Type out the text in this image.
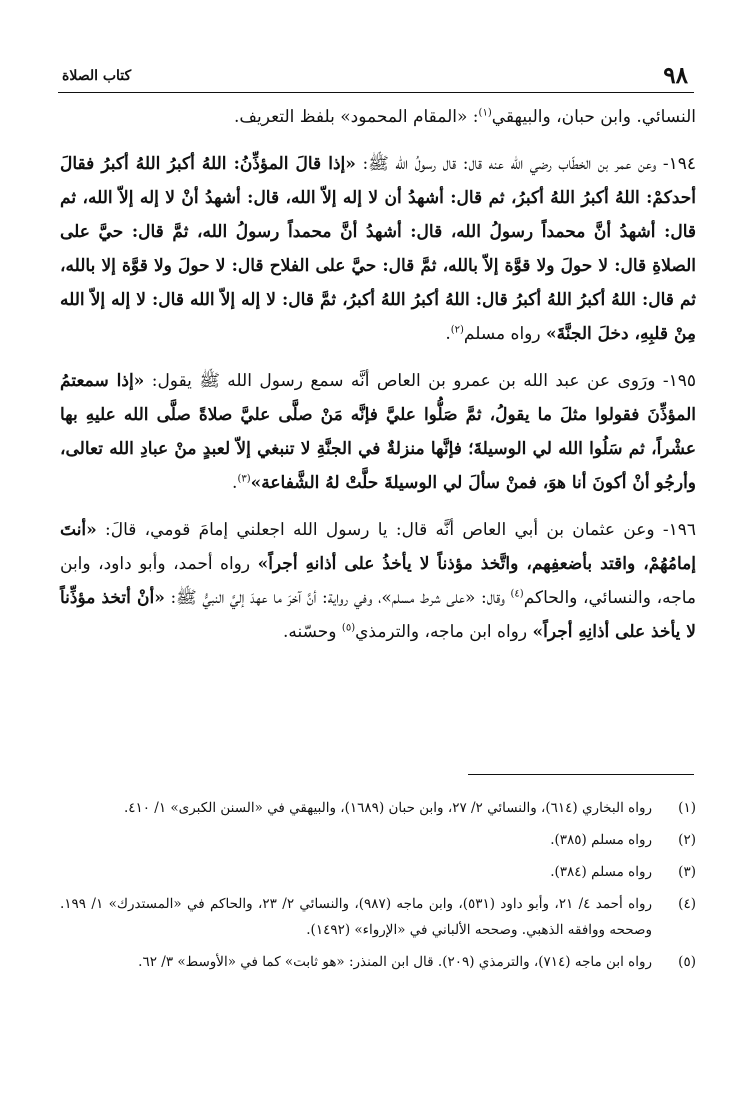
٩٨
كتاب الصلاة

النسائي. وابن حبان، والبيهقي$^{(١)}$: «المقام المحمود» بلفظ التعريف.

١٩٤- وعن عمر بن الخطّاب رضي الله عنه قال: قال رسولُ الله ﷺ: «إذا قالَ المؤذِّنُ: اللهُ أكبرُ اللهُ أكبرُ فقالَ أحدكمْ: اللهُ أكبرُ اللهُ أكبرُ، ثم قال: أشهدُ أن لا إله إلاّ الله، قال: أشهدُ أنْ لا إله إلاّ الله، ثم قال: أشهدُ أنَّ محمداً رسولُ الله، قال: أشهدُ أنَّ محمداً رسولُ الله، ثمَّ قال: حيَّ على الصلاةِ قال: لا حولَ ولا قوَّة إلاّ بالله، ثمَّ قال: حيَّ على الفلاح قال: لا حولَ ولا قوَّة إلا بالله، ثم قال: اللهُ أكبرُ اللهُ أكبرُ قال: اللهُ أكبرُ اللهُ أكبرُ، ثمَّ قال: لا إله إلاّ الله قال: لا إله إلاّ الله مِنْ قلبِهِ، دخلَ الجنَّةَ» رواه مسلم$^{(٢)}$.

١٩٥- ورَوى عن عبد الله بن عمرو بن العاص أنَّه سمع رسول الله ﷺ يقول: «إذا سمعتمُ المؤذِّنَ فقولوا مثلَ ما يقولُ، ثمَّ صَلُّوا عليَّ فإنَّه مَنْ صلَّى عليَّ صلاةً صلَّى الله عليهِ بها عشْراً، ثم سَلُوا الله لي الوسيلةَ؛ فإنَّها منزلةٌ في الجنَّةِ لا تنبغي إلاّ لعبدٍ منْ عبادِ الله تعالى، وأرجُو أنْ أكونَ أنا هوَ، فمنْ سألَ لي الوسيلةَ حلَّتْ لهُ الشَّفاعة»$^{(٣)}$.

١٩٦- وعن عثمان بن أبي العاص أنَّه قال: يا رسول الله اجعلني إمامَ قومي، قالَ: «أنتَ إمامُهُمْ، واقتد بأضعفِهم، واتَّخذ مؤذناً لا يأخذُ على أذانهِ أجراً» رواه أحمد، وأبو داود، وابن ماجه، والنسائي، والحاكم$^{(٤)}$ وقال: «على شرط مسلم»، وفي رواية: أنَّ آخرَ ما عهدَ إليَّ النبيُّ ﷺ: «أنْ أتخذ مؤذِّناً لا يأخذ على أذانِهِ أجراً» رواه ابن ماجه، والترمذي$^{(٥)}$ وحسّنه.

(١)
رواه البخاري (٦١٤)، والنسائي ٢/ ٢٧، وابن حبان (١٦٨٩)، والبيهقي في «السنن الكبرى» ١/ ٤١٠.
(٢)
رواه مسلم (٣٨٥).
(٣)
رواه مسلم (٣٨٤).
(٤)
رواه أحمد ٤/ ٢١، وأبو داود (٥٣١)، وابن ماجه (٩٨٧)، والنسائي ٢/ ٢٣، والحاكم في «المستدرك» ١/ ١٩٩. وصححه ووافقه الذهبي. وصححه الألباني في «الإرواء» (١٤٩٢).
(٥)
رواه ابن ماجه (٧١٤)، والترمذي (٢٠٩). قال ابن المنذر: «هو ثابت» كما في «الأوسط» ٣/ ٦٢.
